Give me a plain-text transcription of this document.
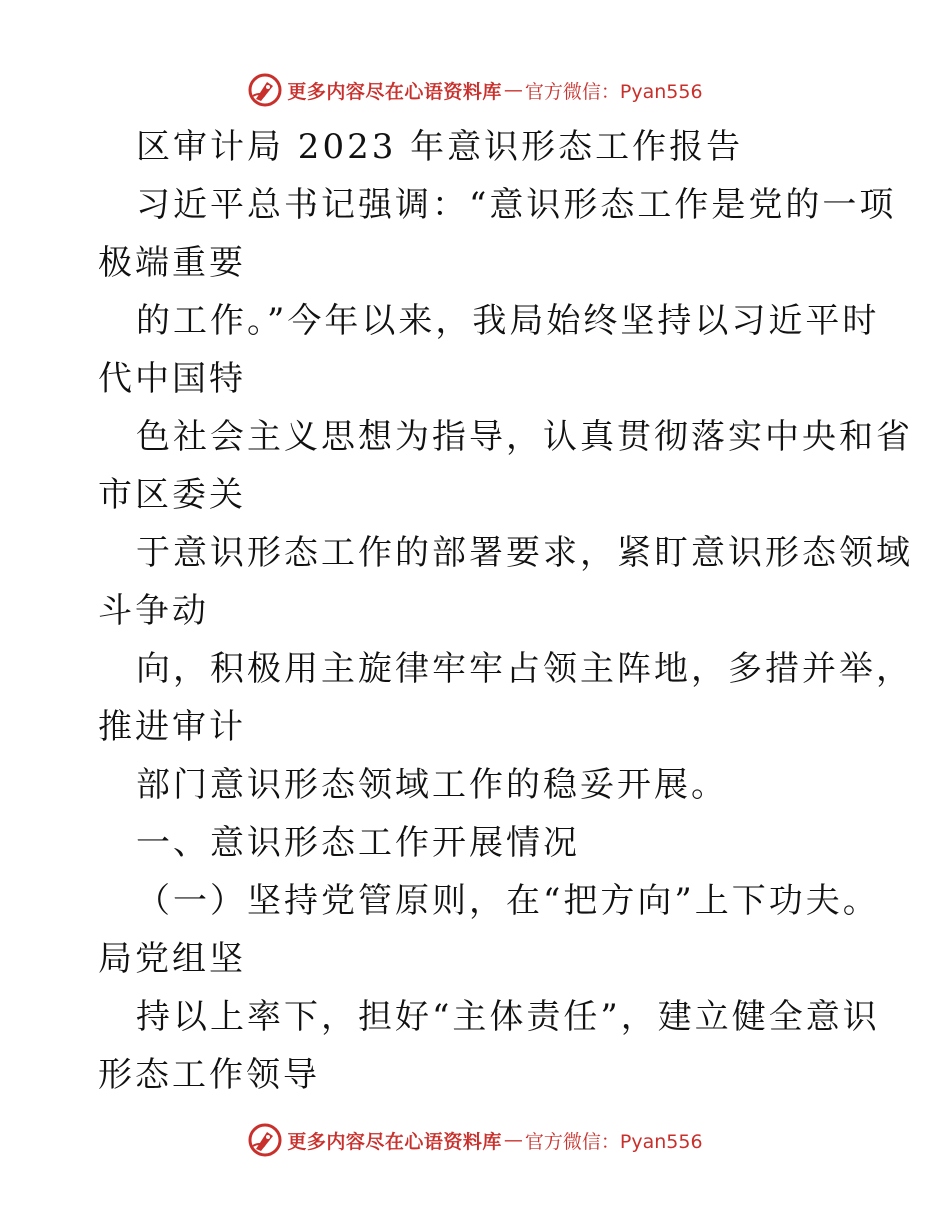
更多内容尽在心语资料库 — 官方微信：Pyan556
区审计局 2023 年意识形态工作报告
习近平总书记强调：“意识形态工作是党的一项
极端重要
的工作。”今年以来，我局始终坚持以习近平时
代中国特
色社会主义思想为指导，认真贯彻落实中央和省
市区委关
于意识形态工作的部署要求，紧盯意识形态领域
斗争动
向，积极用主旋律牢牢占领主阵地，多措并举，
推进审计
部门意识形态领域工作的稳妥开展。
一、意识形态工作开展情况
（一）坚持党管原则，在“把方向”上下功夫。
局党组坚
持以上率下，担好“主体责任”，建立健全意识
形态工作领导
更多内容尽在心语资料库 — 官方微信：Pyan556
